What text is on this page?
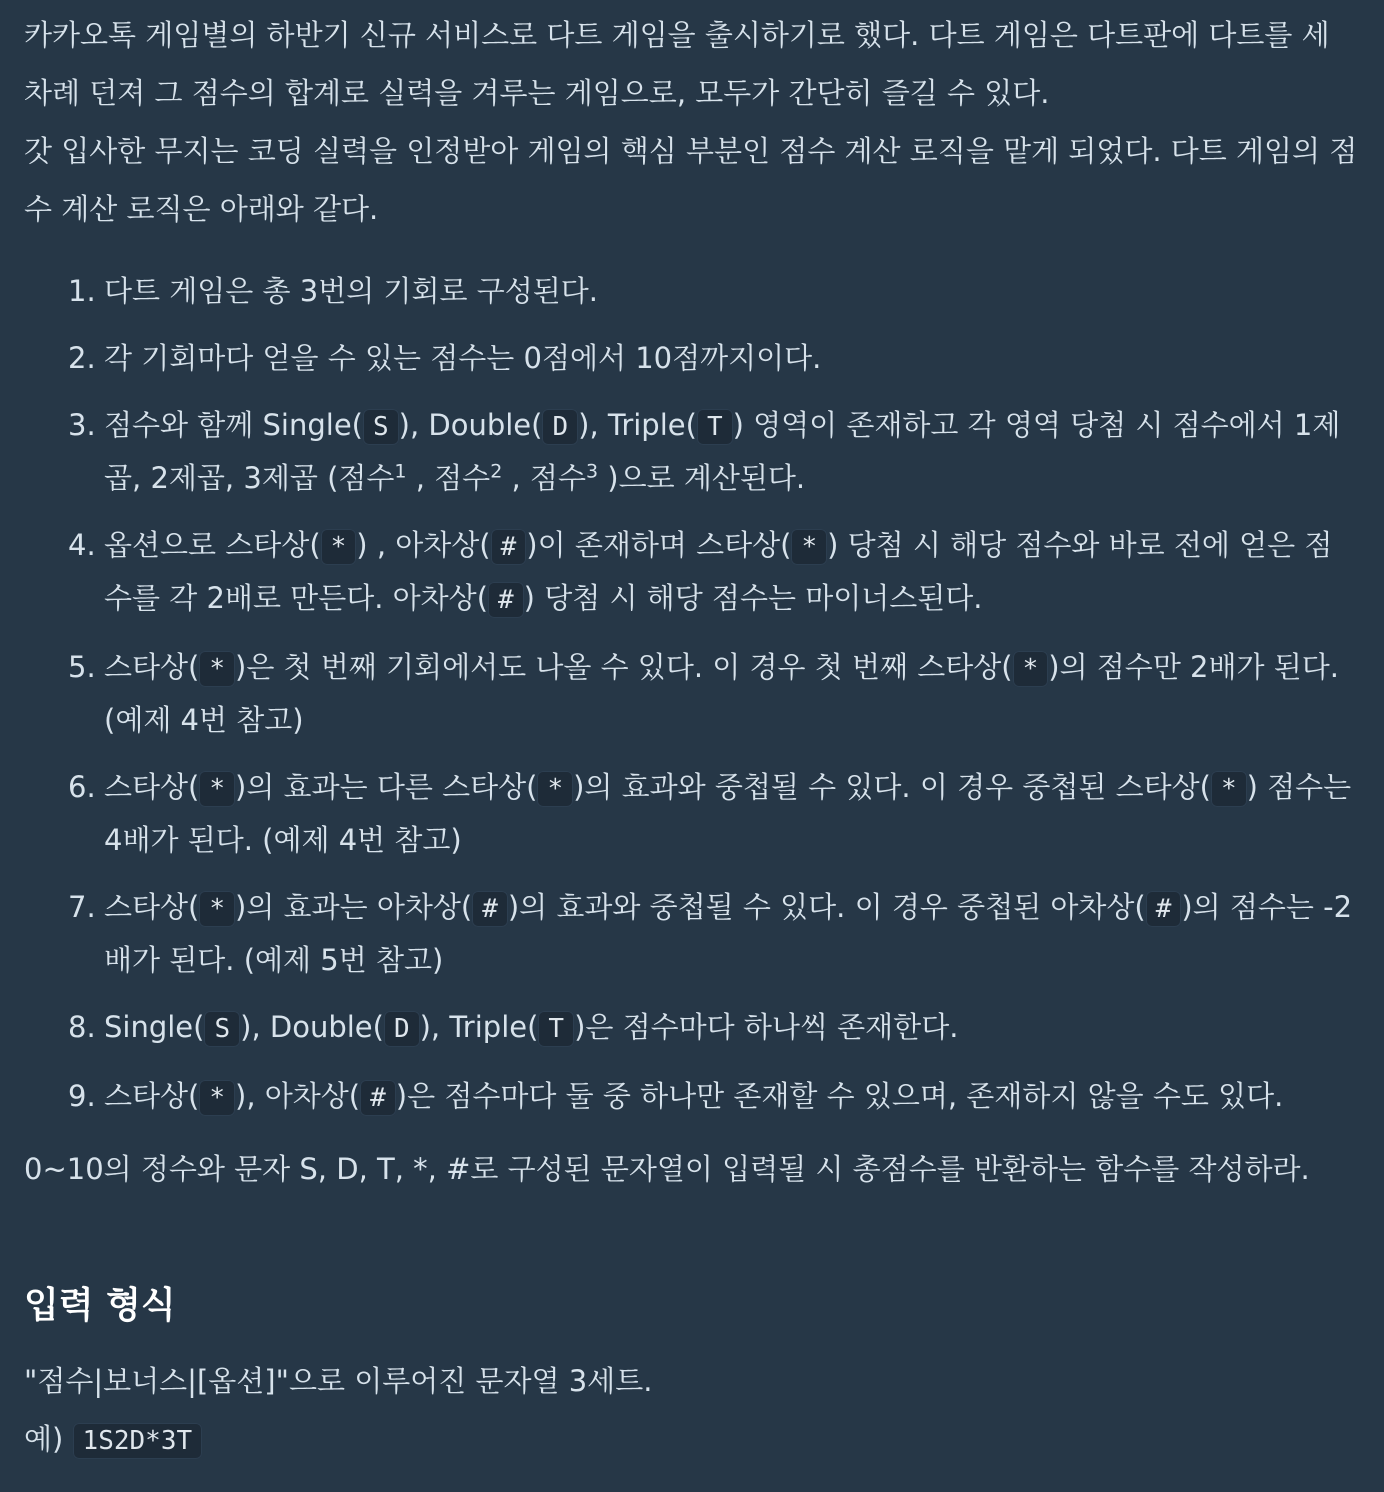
카카오톡 게임별의 하반기 신규 서비스로 다트 게임을 출시하기로 했다. 다트 게임은 다트판에 다트를 세 차례 던져 그 점수의 합계로 실력을 겨루는 게임으로, 모두가 간단히 즐길 수 있다.

갓 입사한 무지는 코딩 실력을 인정받아 게임의 핵심 부분인 점수 계산 로직을 맡게 되었다. 다트 게임의 점수 계산 로직은 아래와 같다.

1. 다트 게임은 총 3번의 기회로 구성된다.
2. 각 기회마다 얻을 수 있는 점수는 0점에서 10점까지이다.
3. 점수와 함께 Single( S ), Double( D ), Triple( T ) 영역이 존재하고 각 영역 당첨 시 점수에서 1제곱, 2제곱, 3제곱 (점수$^1$ , 점수$^2$ , 점수$^3$ )으로 계산된다.
4. 옵션으로 스타상( * ) , 아차상( # )이 존재하며 스타상( * ) 당첨 시 해당 점수와 바로 전에 얻은 점수를 각 2배로 만든다. 아차상( # ) 당첨 시 해당 점수는 마이너스된다.
5. 스타상( * )은 첫 번째 기회에서도 나올 수 있다. 이 경우 첫 번째 스타상( * )의 점수만 2배가 된다. (예제 4번 참고)
6. 스타상( * )의 효과는 다른 스타상( * )의 효과와 중첩될 수 있다. 이 경우 중첩된 스타상( * ) 점수는 4배가 된다. (예제 4번 참고)
7. 스타상( * )의 효과는 아차상( # )의 효과와 중첩될 수 있다. 이 경우 중첩된 아차상( # )의 점수는 -2배가 된다. (예제 5번 참고)
8. Single( S ), Double( D ), Triple( T )은 점수마다 하나씩 존재한다.
9. 스타상( * ), 아차상( # )은 점수마다 둘 중 하나만 존재할 수 있으며, 존재하지 않을 수도 있다.

0~10의 정수와 문자 S, D, T, *, #로 구성된 문자열이 입력될 시 총점수를 반환하는 함수를 작성하라.

입력 형식

"점수|보너스|[옵션]"으로 이루어진 문자열 3세트.

예) 1S2D*3T
